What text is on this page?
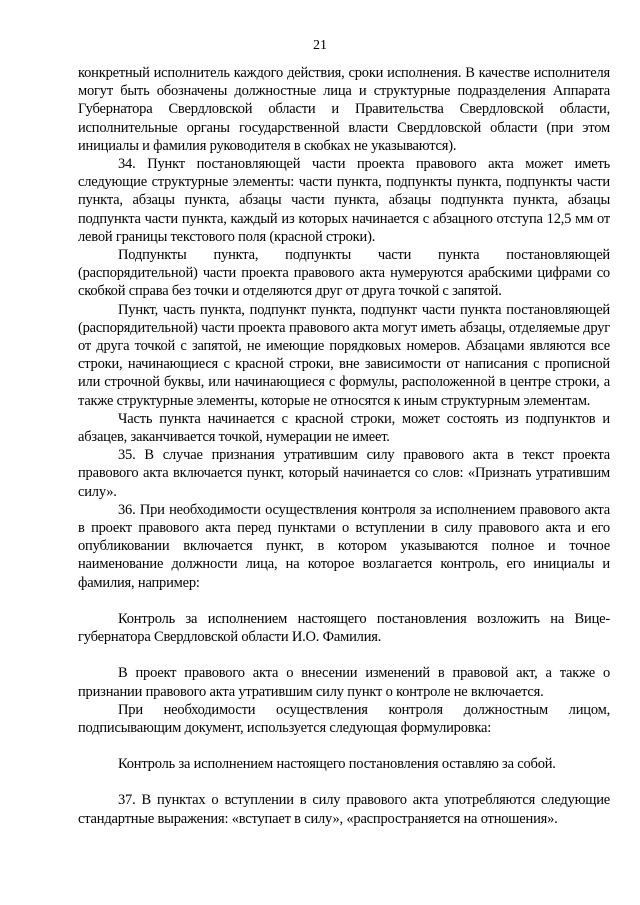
21

конкретный исполнитель каждого действия, сроки исполнения. В качестве исполнителя могут быть обозначены должностные лица и структурные подразделения Аппарата Губернатора Свердловской области и Правительства Свердловской области, исполнительные органы государственной власти Свердловской области (при этом инициалы и фамилия руководителя в скобках не указываются).

34. Пункт постановляющей части проекта правового акта может иметь следующие структурные элементы: части пункта, подпункты пункта, подпункты части пункта, абзацы пункта, абзацы части пункта, абзацы подпункта пункта, абзацы подпункта части пункта, каждый из которых начинается с абзацного отступа 12,5 мм от левой границы текстового поля (красной строки).

Подпункты пункта, подпункты части пункта постановляющей (распорядительной) части проекта правового акта нумеруются арабскими цифрами со скобкой справа без точки и отделяются друг от друга точкой с запятой.

Пункт, часть пункта, подпункт пункта, подпункт части пункта постановляющей (распорядительной) части проекта правового акта могут иметь абзацы, отделяемые друг от друга точкой с запятой, не имеющие порядковых номеров. Абзацами являются все строки, начинающиеся с красной строки, вне зависимости от написания с прописной или строчной буквы, или начинающиеся с формулы, расположенной в центре строки, а также структурные элементы, которые не относятся к иным структурным элементам.

Часть пункта начинается с красной строки, может состоять из подпунктов и абзацев, заканчивается точкой, нумерации не имеет.

35. В случае признания утратившим силу правового акта в текст проекта правового акта включается пункт, который начинается со слов: «Признать утратившим силу».

36. При необходимости осуществления контроля за исполнением правового акта в проект правового акта перед пунктами о вступлении в силу правового акта и его опубликовании включается пункт, в котором указываются полное и точное наименование должности лица, на которое возлагается контроль, его инициалы и фамилия, например:

Контроль за исполнением настоящего постановления возложить на Вице-губернатора Свердловской области И.О. Фамилия.

В проект правового акта о внесении изменений в правовой акт, а также о признании правового акта утратившим силу пункт о контроле не включается.

При необходимости осуществления контроля должностным лицом, подписывающим документ, используется следующая формулировка:

Контроль за исполнением настоящего постановления оставляю за собой.

37. В пунктах о вступлении в силу правового акта употребляются следующие стандартные выражения: «вступает в силу», «распространяется на отношения».
